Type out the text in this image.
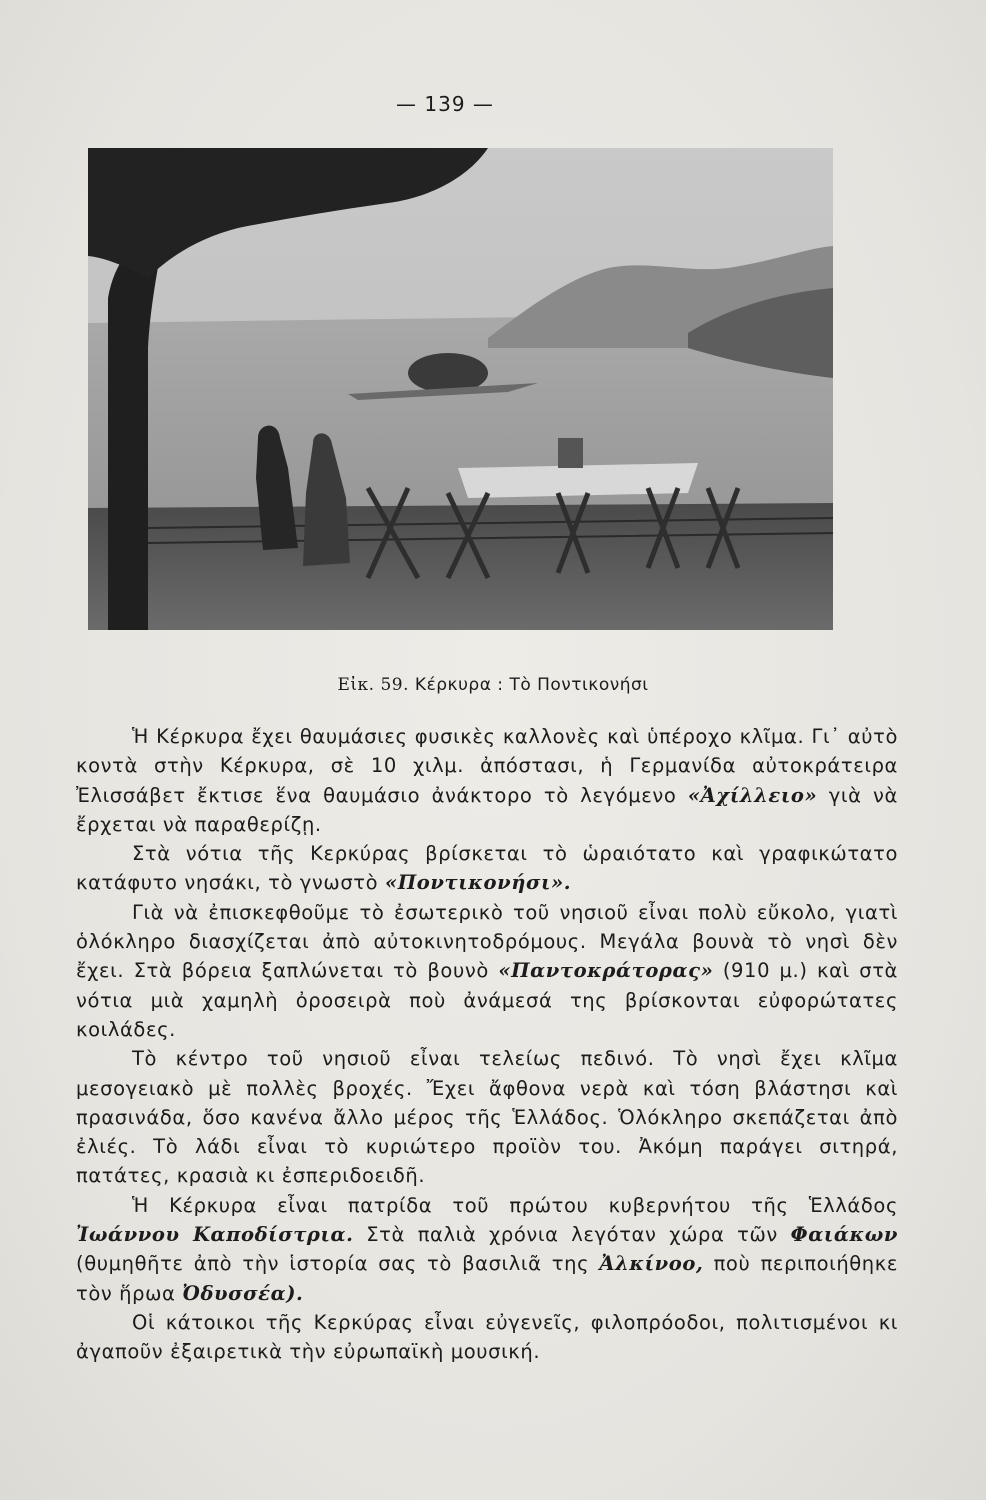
— 139 —
Εἰκ. 59. Κέρκυρα : Τὸ Ποντικονήσι

Ἡ Κέρκυρα ἔχει θαυμάσιες φυσικὲς καλλονὲς καὶ ὑπέροχο κλῖμα. Γι᾽ αὐτὸ κοντὰ στὴν Κέρκυρα, σὲ 10 χιλμ. ἀπόστασι, ἡ Γερμανίδα αὐτοκράτειρα Ἐλισσάβετ ἔκτισε ἕνα θαυμάσιο ἀνάκτορο τὸ λεγόμενο «Ἀχίλλειο» γιὰ νὰ ἔρχεται νὰ παραθερίζῃ.

Στὰ νότια τῆς Κερκύρας βρίσκεται τὸ ὡραιότατο καὶ γραφικώτατο κατάφυτο νησάκι, τὸ γνωστὸ «Ποντικονήσι».

Γιὰ νὰ ἐπισκεφθοῦμε τὸ ἐσωτερικὸ τοῦ νησιοῦ εἶναι πολὺ εὔκολο, γιατὶ ὁλόκληρο διασχίζεται ἀπὸ αὐτοκινητοδρόμους. Μεγάλα βουνὰ τὸ νησὶ δὲν ἔχει. Στὰ βόρεια ξαπλώνεται τὸ βουνὸ «Παντοκράτορας» (910 μ.) καὶ στὰ νότια μιὰ χαμηλὴ ὀροσειρὰ ποὺ ἀνάμεσά της βρίσκονται εὐφορώτατες κοιλάδες.

Τὸ κέντρο τοῦ νησιοῦ εἶναι τελείως πεδινό. Τὸ νησὶ ἔχει κλῖμα μεσογειακὸ μὲ πολλὲς βροχές. Ἔχει ἄφθονα νερὰ καὶ τόση βλάστησι καὶ πρασινάδα, ὅσο κανένα ἄλλο μέρος τῆς Ἑλλάδος. Ὁλόκληρο σκεπάζεται ἀπὸ ἐλιές. Τὸ λάδι εἶναι τὸ κυριώτερο προϊὸν του. Ἀκόμη παράγει σιτηρά, πατάτες, κρασιὰ κι ἐσπεριδοειδῆ.

Ἡ Κέρκυρα εἶναι πατρίδα τοῦ πρώτου κυβερνήτου τῆς Ἑλλάδος Ἰωάννου Καποδίστρια. Στὰ παλιὰ χρόνια λεγόταν χώρα τῶν Φαιάκων (θυμηθῆτε ἀπὸ τὴν ἱστορία σας τὸ βασιλιᾶ της Ἀλκίνοο, ποὺ περιποιήθηκε τὸν ἥρωα Ὀδυσσέα).

Οἱ κάτοικοι τῆς Κερκύρας εἶναι εὐγενεῖς, φιλοπρόοδοι, πολιτισμένοι κι ἀγαποῦν ἐξαιρετικὰ τὴν εὐρωπαϊκὴ μουσική.
